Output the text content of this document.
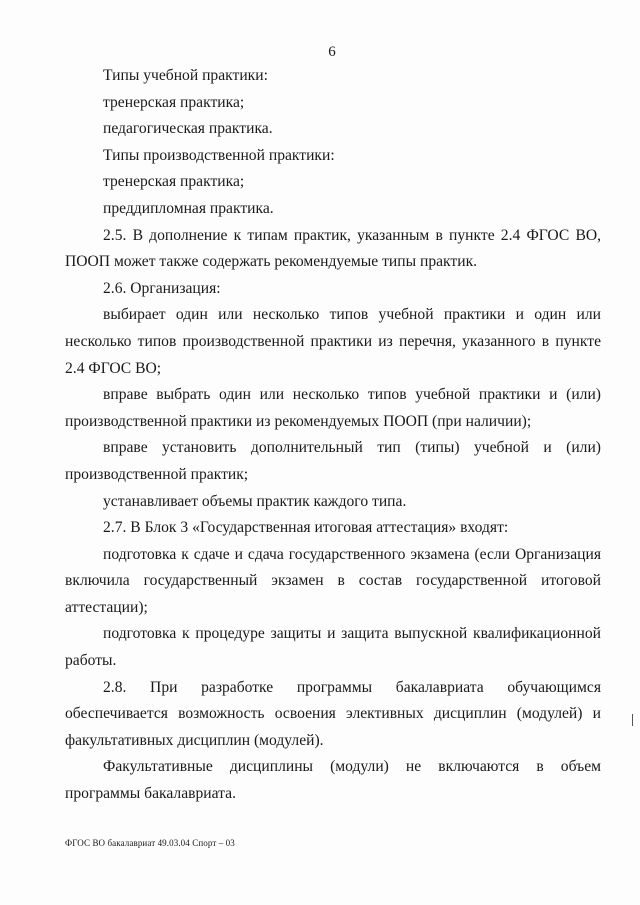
6

Типы учебной практики:

тренерская практика;

педагогическая практика.

Типы производственной практики:

тренерская практика;

преддипломная практика.

2.5. В дополнение к типам практик, указанным в пункте 2.4 ФГОС ВО, ПООП может также содержать рекомендуемые типы практик.

2.6. Организация:

выбирает один или несколько типов учебной практики и один или несколько типов производственной практики из перечня, указанного в пункте 2.4 ФГОС ВО;

вправе выбрать один или несколько типов учебной практики и (или) производственной практики из рекомендуемых ПООП (при наличии);

вправе установить дополнительный тип (типы) учебной и (или) производственной практик;

устанавливает объемы практик каждого типа.

2.7. В Блок 3 «Государственная итоговая аттестация» входят:

подготовка к сдаче и сдача государственного экзамена (если Организация включила государственный экзамен в состав государственной итоговой аттестации);

подготовка к процедуре защиты и защита выпускной квалификационной работы.

2.8. При разработке программы бакалавриата обучающимся обеспечивается возможность освоения элективных дисциплин (модулей) и факультативных дисциплин (модулей).

Факультативные дисциплины (модули) не включаются в объем программы бакалавриата.

ФГОС ВО бакалавриат 49.03.04 Спорт – 03
